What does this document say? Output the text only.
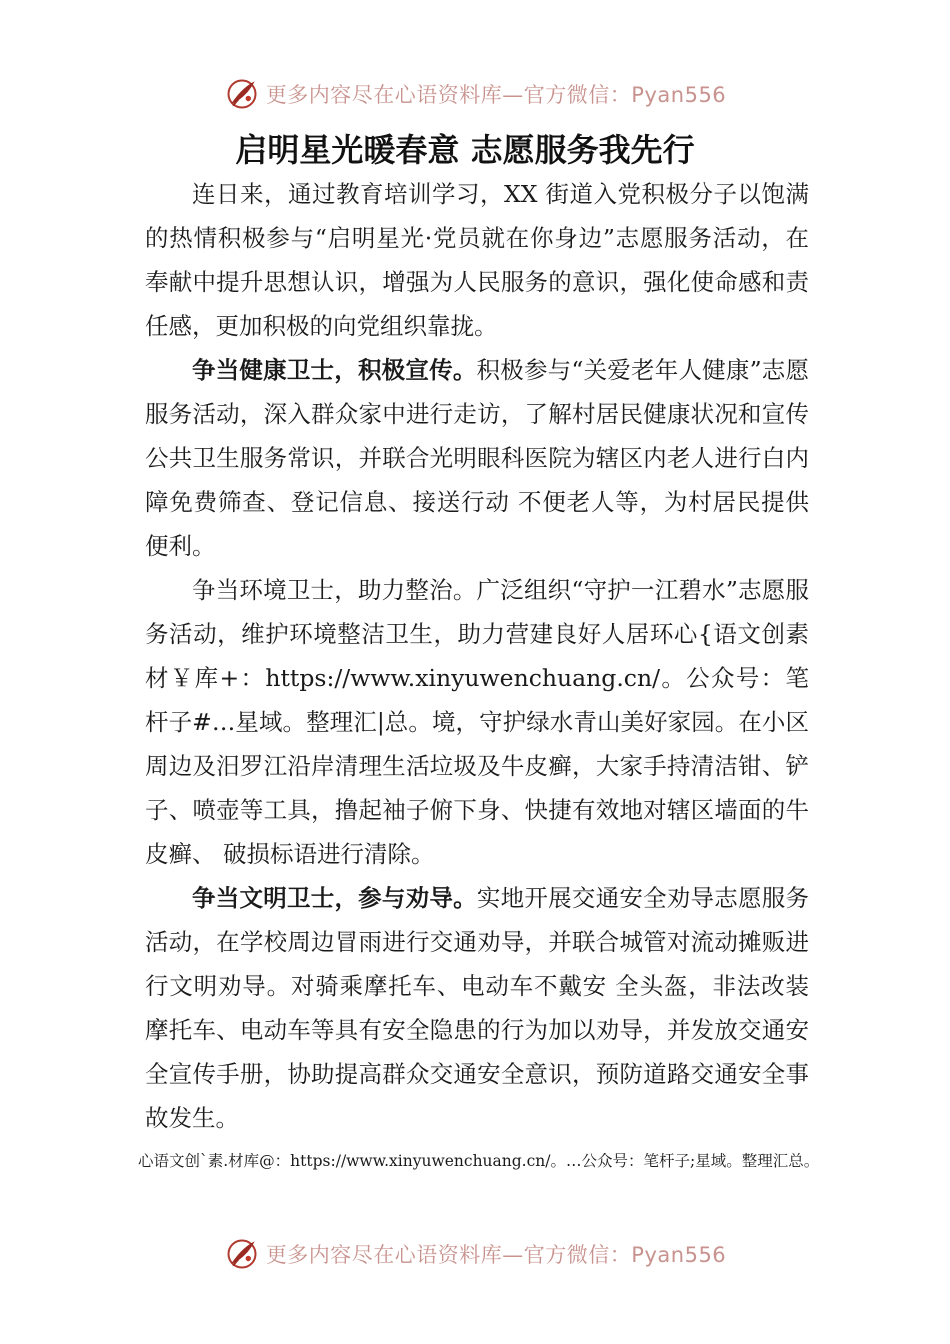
更多内容尽在心语资料库—官方微信：Pyan556
启明星光暖春意 志愿服务我先行

连日来，通过教育培训学习，XX 街道入党积极分子以饱满的热情积极参与“启明星光·党员就在你身边”志愿服务活动，在奉献中提升思想认识，增强为人民服务的意识，强化使命感和责任感，更加积极的向党组织靠拢。

争当健康卫士，积极宣传。积极参与“关爱老年人健康”志愿服务活动，深入群众家中进行走访，了解村居民健康状况和宣传公共卫生服务常识，并联合光明眼科医院为辖区内老人进行白内障免费筛查、登记信息、接送行动 不便老人等，为村居民提供便利。

争当环境卫士，助力整治。广泛组织“守护一江碧水”志愿服务活动，维护环境整洁卫生，助力营建良好人居环心{语文创素材￥库+：https://www.xinyuwenchuang.cn/。公众号：笔杆子#…星域。整理汇|总。境，守护绿水青山美好家园。在小区周边及汨罗江沿岸清理生活垃圾及牛皮癣，大家手持清洁钳、铲子、喷壶等工具，撸起袖子俯下身、快捷有效地对辖区墙面的牛皮癣、 破损标语进行清除。

争当文明卫士，参与劝导。实地开展交通安全劝导志愿服务活动，在学校周边冒雨进行交通劝导，并联合城管对流动摊贩进行文明劝导。对骑乘摩托车、电动车不戴安 全头盔，非法改装摩托车、电动车等具有安全隐患的行为加以劝导，并发放交通安全宣传手册，协助提高群众交通安全意识，预防道路交通安全事故发生。

心语文创`素.材库@：https://www.xinyuwenchuang.cn/。…公众号：笔杆子;星域。整理汇总。
更多内容尽在心语资料库—官方微信：Pyan556
